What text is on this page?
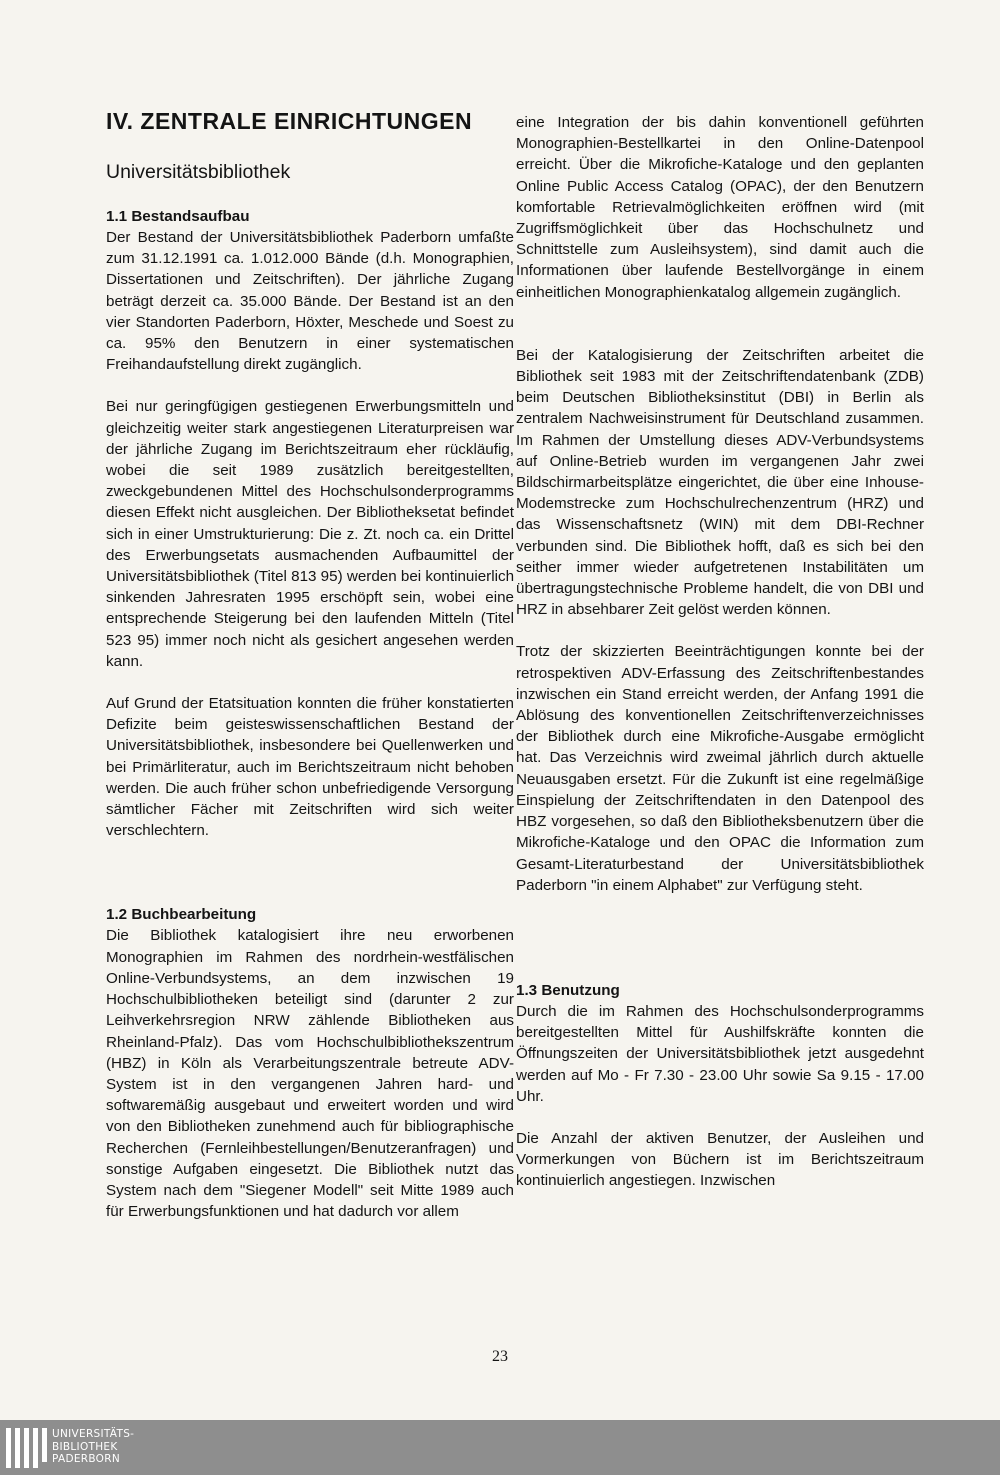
IV. ZENTRALE EINRICHTUNGEN
Universitätsbibliothek
1.1 Bestandsaufbau

Der Bestand der Universitätsbibliothek Paderborn umfaßte zum 31.12.1991 ca. 1.012.000 Bände (d.h. Monographien, Dissertationen und Zeitschriften). Der jährliche Zugang beträgt derzeit ca. 35.000 Bände. Der Bestand ist an den vier Standorten Paderborn, Höxter, Meschede und Soest zu ca. 95% den Benutzern in einer systematischen Freihandaufstellung direkt zugänglich.

Bei nur geringfügigen gestiegenen Erwerbungsmitteln und gleichzeitig weiter stark angestiegenen Literaturpreisen war der jährliche Zugang im Berichtszeitraum eher rückläufig, wobei die seit 1989 zusätzlich bereitgestellten, zweckgebundenen Mittel des Hochschulsonderprogramms diesen Effekt nicht ausgleichen. Der Bibliotheksetat befindet sich in einer Umstrukturierung: Die z. Zt. noch ca. ein Drittel des Erwerbungsetats ausmachenden Aufbaumittel der Universitätsbibliothek (Titel 813 95) werden bei kontinuierlich sinkenden Jahresraten 1995 erschöpft sein, wobei eine entsprechende Steigerung bei den laufenden Mitteln (Titel 523 95) immer noch nicht als gesichert angesehen werden kann.

Auf Grund der Etatsituation konnten die früher konstatierten Defizite beim geisteswissenschaftlichen Bestand der Universitätsbibliothek, insbesondere bei Quellenwerken und bei Primärliteratur, auch im Berichtszeitraum nicht behoben werden. Die auch früher schon unbefriedigende Versorgung sämtlicher Fächer mit Zeitschriften wird sich weiter verschlechtern.

1.2 Buchbearbeitung

Die Bibliothek katalogisiert ihre neu erworbenen Monographien im Rahmen des nordrhein-westfälischen Online-Verbundsystems, an dem inzwischen 19 Hochschulbibliotheken beteiligt sind (darunter 2 zur Leihverkehrsregion NRW zählende Bibliotheken aus Rheinland-Pfalz). Das vom Hochschulbibliothekszentrum (HBZ) in Köln als Verarbeitungszentrale betreute ADV-System ist in den vergangenen Jahren hard- und softwaremäßig ausgebaut und erweitert worden und wird von den Bibliotheken zunehmend auch für bibliographische Recherchen (Fernleihbestellungen/Benutzeranfragen) und sonstige Aufgaben eingesetzt. Die Bibliothek nutzt das System nach dem "Siegener Modell" seit Mitte 1989 auch für Erwerbungsfunktionen und hat dadurch vor allem

eine Integration der bis dahin konventionell geführten Monographien-Bestellkartei in den Online-Datenpool erreicht. Über die Mikrofiche-Kataloge und den geplanten Online Public Access Catalog (OPAC), der den Benutzern komfortable Retrievalmöglichkeiten eröffnen wird (mit Zugriffsmöglichkeit über das Hochschulnetz und Schnittstelle zum Ausleihsystem), sind damit auch die Informationen über laufende Bestellvorgänge in einem einheitlichen Monographienkatalog allgemein zugänglich.

Bei der Katalogisierung der Zeitschriften arbeitet die Bibliothek seit 1983 mit der Zeitschriftendatenbank (ZDB) beim Deutschen Bibliotheksinstitut (DBI) in Berlin als zentralem Nachweisinstrument für Deutschland zusammen. Im Rahmen der Umstellung dieses ADV-Verbundsystems auf Online-Betrieb wurden im vergangenen Jahr zwei Bildschirmarbeitsplätze eingerichtet, die über eine Inhouse-Modemstrecke zum Hochschulrechenzentrum (HRZ) und das Wissenschaftsnetz (WIN) mit dem DBI-Rechner verbunden sind. Die Bibliothek hofft, daß es sich bei den seither immer wieder aufgetretenen Instabilitäten um übertragungstechnische Probleme handelt, die von DBI und HRZ in absehbarer Zeit gelöst werden können.

Trotz der skizzierten Beeinträchtigungen konnte bei der retrospektiven ADV-Erfassung des Zeitschriftenbestandes inzwischen ein Stand erreicht werden, der Anfang 1991 die Ablösung des konventionellen Zeitschriftenverzeichnisses der Bibliothek durch eine Mikrofiche-Ausgabe ermöglicht hat. Das Verzeichnis wird zweimal jährlich durch aktuelle Neuausgaben ersetzt. Für die Zukunft ist eine regelmäßige Einspielung der Zeitschriftendaten in den Datenpool des HBZ vorgesehen, so daß den Bibliotheksbenutzern über die Mikrofiche-Kataloge und den OPAC die Information zum Gesamt-Literaturbestand der Universitätsbibliothek Paderborn "in einem Alphabet" zur Verfügung steht.

1.3 Benutzung

Durch die im Rahmen des Hochschulsonderprogramms bereitgestellten Mittel für Aushilfskräfte konnten die Öffnungszeiten der Universitätsbibliothek jetzt ausgedehnt werden auf Mo - Fr 7.30 - 23.00 Uhr sowie Sa 9.15 - 17.00 Uhr.

Die Anzahl der aktiven Benutzer, der Ausleihen und Vormerkungen von Büchern ist im Berichtszeitraum kontinuierlich angestiegen. Inzwischen

23
UNIVERSITÄTS-
BIBLIOTHEK
PADERBORN
